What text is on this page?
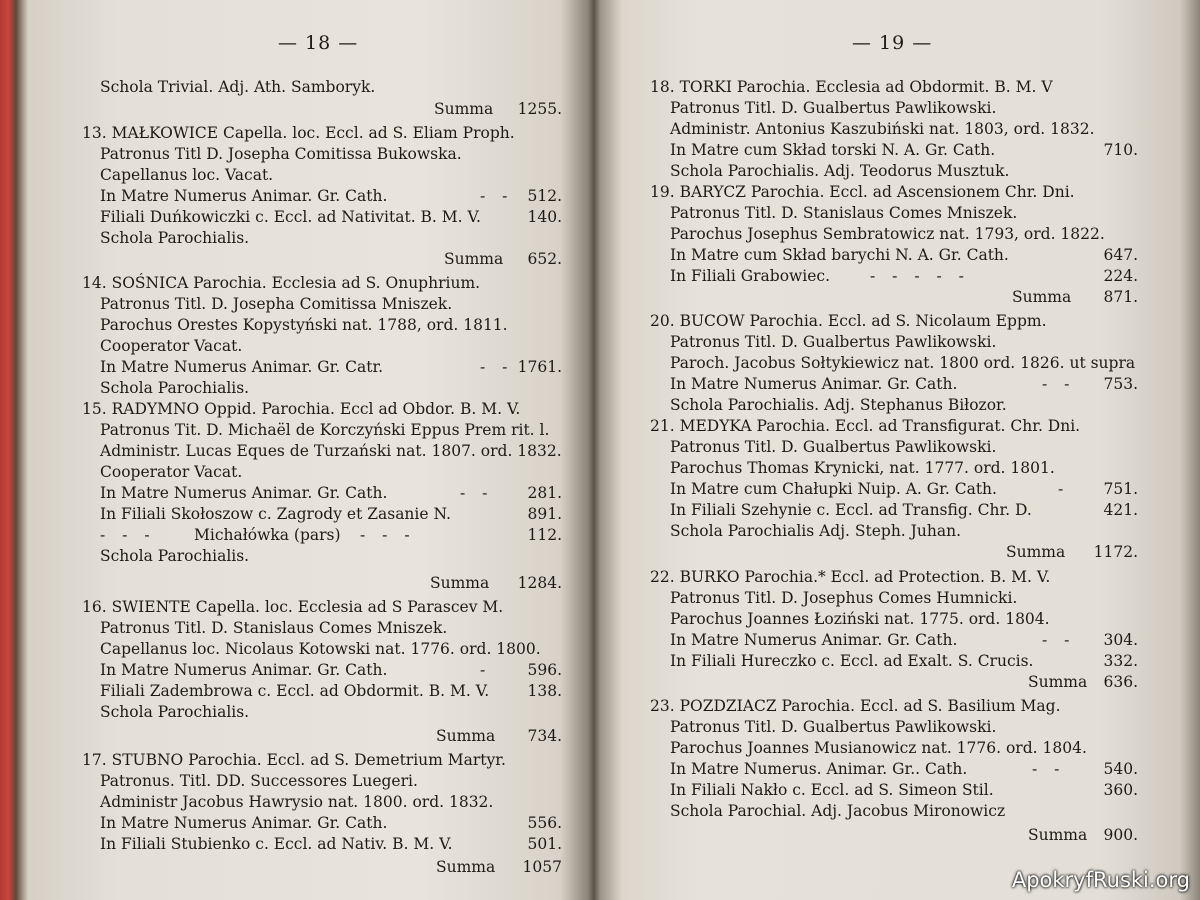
— 18 —
Schola Trivial. Adj. Ath. Samboryk.
Summa 1255.
13. MAŁKOWICE Capella. loc. Eccl. ad S. Eliam Proph.
Patronus Titl D. Josepha Comitissa Bukowska.
Capellanus loc. Vacat.
In Matre Numerus Animar. Gr. Cath.	- - 512.
Filiali Duńkowiczki c. Eccl. ad Nativitat. B. M. V.	140.
Schola Parochialis.
Summa 652.
14. SOŚNICA Parochia. Ecclesia ad S. Onuphrium.
Patronus Titl. D. Josepha Comitissa Mniszek.
Parochus Orestes Kopystyński nat. 1788, ord. 1811.
Cooperator Vacat.
In Matre Numerus Animar. Gr. Catr.	- - 1761.
Schola Parochialis.
15. RADYMNO Oppid. Parochia. Eccl ad Obdor. B. M. V.
Patronus Tit. D. Michaël de Korczyński Eppus Prem rit. l.
Administr. Lucas Eques de Turzański nat. 1807. ord. 1832.
Cooperator Vacat.
In Matre Numerus Animar. Gr. Cath.	- - 281.
In Filiali Skołoszow c. Zagrody et Zasanie N.	891.
- - - Michałówka (pars) - - -	112.
Schola Parochialis.
Summa 1284.
16. SWIENTE Capella. loc. Ecclesia ad S Parascev M.
Patronus Titl. D. Stanislaus Comes Mniszek.
Capellanus loc. Nicolaus Kotowski nat. 1776. ord. 1800.
In Matre Numerus Animar. Gr. Cath.	- 596.
Filiali Zadembrowa c. Eccl. ad Obdormit. B. M. V. 138.
Schola Parochialis.
Summa 734.
17. STUBNO Parochia. Eccl. ad S. Demetrium Martyr.
Patronus. Titl. DD. Successores Luegeri.
Administr Jacobus Hawrysio nat. 1800. ord. 1832.
In Matre Numerus Animar. Gr. Cath.	556.
In Filiali Stubienko c. Eccl. ad Nativ. B. M. V.	501.
Summa 1057
— 19 —
18. TORKI Parochia. Ecclesia ad Obdormit. B. M. V
Patronus Titl. D. Gualbertus Pawlikowski.
Administr. Antonius Kaszubiński nat. 1803, ord. 1832.
In Matre cum Skład torski N. A. Gr. Cath.	710.
Schola Parochialis. Adj. Teodorus Musztuk.
19. BARYCZ Parochia. Eccl. ad Ascensionem Chr. Dni.
Patronus Titl. D. Stanislaus Comes Mniszek.
Parochus Josephus Sembratowicz nat. 1793, ord. 1822.
In Matre cum Skład barychi N. A. Gr. Cath.	647.
In Filiali Grabowiec.	- - - - -	224.
Summa 871.
20. BUCOW Parochia. Eccl. ad S. Nicolaum Eppm.
Patronus Titl. D. Gualbertus Pawlikowski.
Paroch. Jacobus Sołtykiewicz nat. 1800 ord. 1826. ut supra
In Matre Numerus Animar. Gr. Cath.	- - 753.
Schola Parochialis. Adj. Stephanus Biłozor.
21. MEDYKA Parochia. Eccl. ad Transfigurat. Chr. Dni.
Patronus Titl. D. Gualbertus Pawlikowski.
Parochus Thomas Krynicki, nat. 1777. ord. 1801.
In Matre cum Chałupki Nuip. A. Gr. Cath.	- 751.
In Filiali Szehynie c. Eccl. ad Transfig. Chr. D.	421.
Schola Parochialis Adj. Steph. Juhan.
Summa 1172.
22. BURKO Parochia.* Eccl. ad Protection. B. M. V.
Patronus Titl. D. Josephus Comes Humnicki.
Parochus Joannes Łoziński nat. 1775. ord. 1804.
In Matre Numerus Animar. Gr. Cath.	- - 304.
In Filiali Hureczko c. Eccl. ad Exalt. S. Crucis.	332.
Summa 636.
23. POZDZIACZ Parochia. Eccl. ad S. Basilium Mag.
Patronus Titl. D. Gualbertus Pawlikowski.
Parochus Joannes Musianowicz nat. 1776. ord. 1804.
In Matre Numerus. Animar. Gr.. Cath.	- - 540.
In Filiali Nakło c. Eccl. ad S. Simeon Stil.	360.
Schola Parochial. Adj. Jacobus Mironowicz
Summa 900.
ApokryfRuski.org
